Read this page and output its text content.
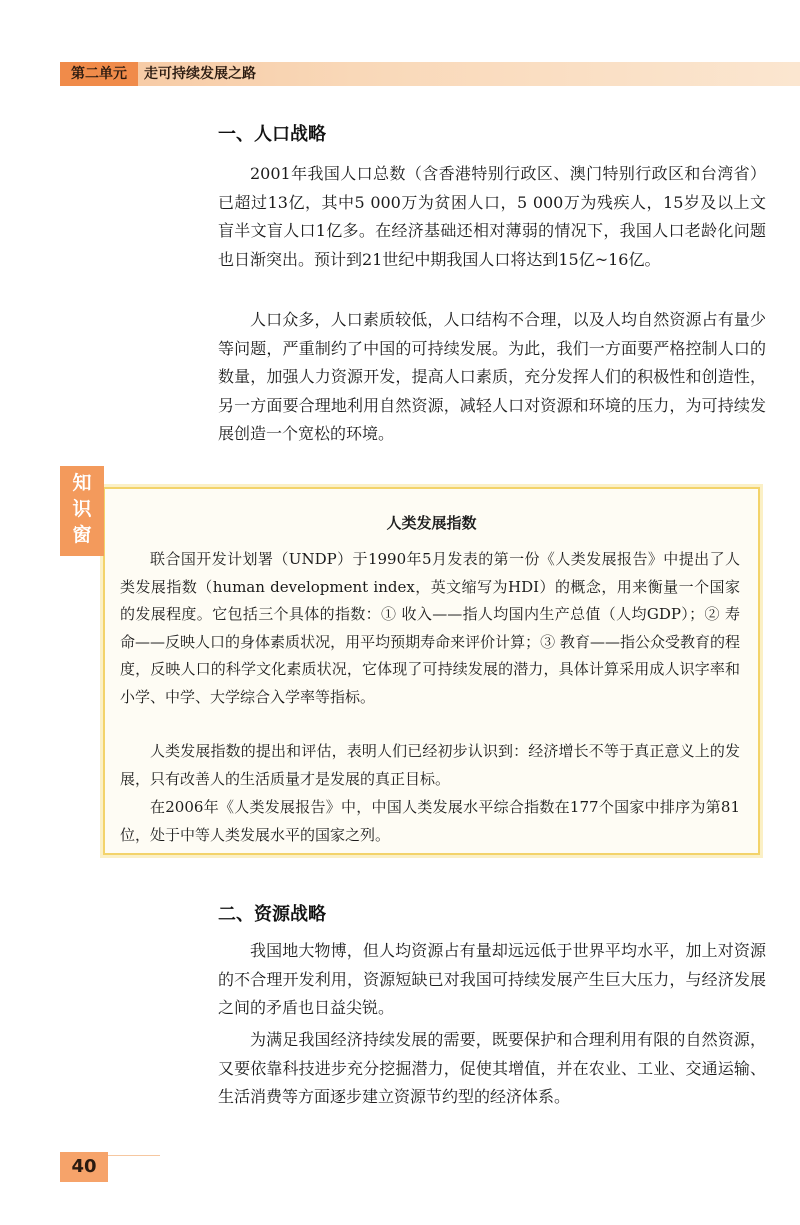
第二单元	走可持续发展之路
一、人口战略

2001年我国人口总数（含香港特别行政区、澳门特别行政区和台湾省）已超过13亿，其中5 000万为贫困人口，5 000万为残疾人，15岁及以上文盲半文盲人口1亿多。在经济基础还相对薄弱的情况下，我国人口老龄化问题也日渐突出。预计到21世纪中期我国人口将达到15亿~16亿。

人口众多，人口素质较低，人口结构不合理，以及人均自然资源占有量少等问题，严重制约了中国的可持续发展。为此，我们一方面要严格控制人口的数量，加强人力资源开发，提高人口素质，充分发挥人们的积极性和创造性，另一方面要合理地利用自然资源，减轻人口对资源和环境的压力，为可持续发展创造一个宽松的环境。

知
识
窗
人类发展指数

联合国开发计划署（UNDP）于1990年5月发表的第一份《人类发展报告》中提出了人类发展指数（human development index，英文缩写为HDI）的概念，用来衡量一个国家的发展程度。它包括三个具体的指数：① 收入——指人均国内生产总值（人均GDP）；② 寿命——反映人口的身体素质状况，用平均预期寿命来评价计算；③ 教育——指公众受教育的程度，反映人口的科学文化素质状况，它体现了可持续发展的潜力，具体计算采用成人识字率和小学、中学、大学综合入学率等指标。

人类发展指数的提出和评估，表明人们已经初步认识到：经济增长不等于真正意义上的发展，只有改善人的生活质量才是发展的真正目标。

在2006年《人类发展报告》中，中国人类发展水平综合指数在177个国家中排序为第81位，处于中等人类发展水平的国家之列。

二、资源战略

我国地大物博，但人均资源占有量却远远低于世界平均水平，加上对资源的不合理开发利用，资源短缺已对我国可持续发展产生巨大压力，与经济发展之间的矛盾也日益尖锐。

为满足我国经济持续发展的需要，既要保护和合理利用有限的自然资源，又要依靠科技进步充分挖掘潜力，促使其增值，并在农业、工业、交通运输、生活消费等方面逐步建立资源节约型的经济体系。

40
